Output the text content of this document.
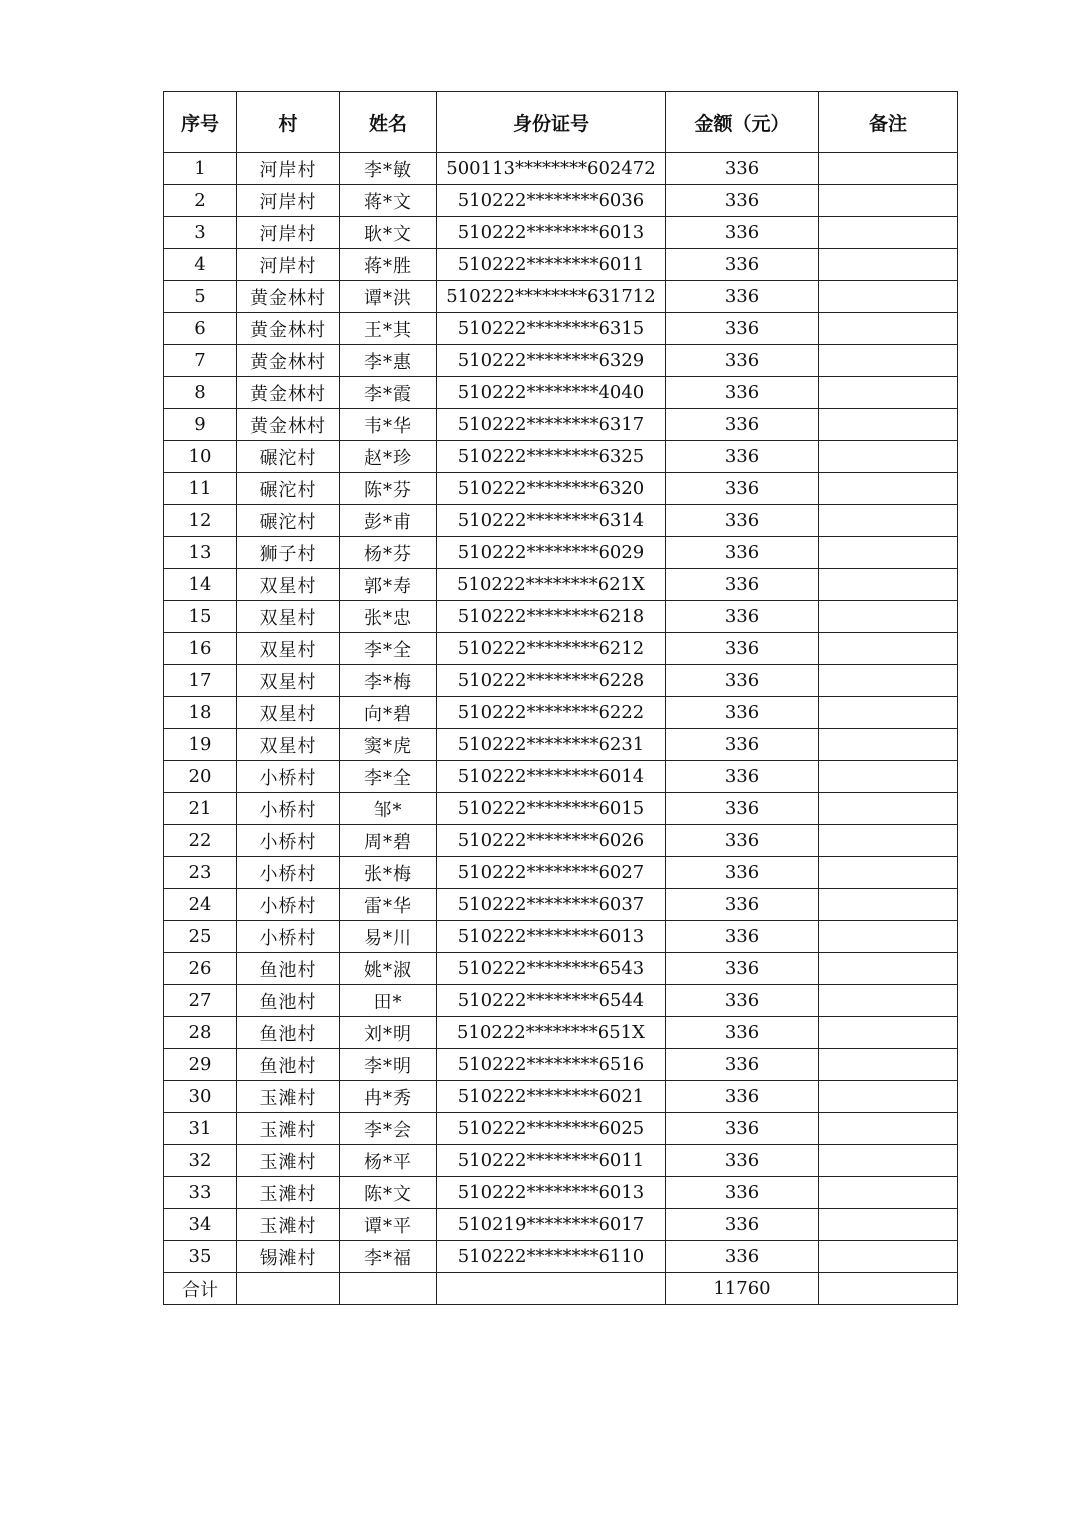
序号	村	姓名	身份证号	金额（元）	备注
1	河岸村	李*敏	500113********602472	336	
2	河岸村	蒋*文	510222********6036	336	
3	河岸村	耿*文	510222********6013	336	
4	河岸村	蒋*胜	510222********6011	336	
5	黄金林村	谭*洪	510222********631712	336	
6	黄金林村	王*其	510222********6315	336	
7	黄金林村	李*惠	510222********6329	336	
8	黄金林村	李*霞	510222********4040	336	
9	黄金林村	韦*华	510222********6317	336	
10	碾沱村	赵*珍	510222********6325	336	
11	碾沱村	陈*芬	510222********6320	336	
12	碾沱村	彭*甫	510222********6314	336	
13	狮子村	杨*芬	510222********6029	336	
14	双星村	郭*寿	510222********621X	336	
15	双星村	张*忠	510222********6218	336	
16	双星村	李*全	510222********6212	336	
17	双星村	李*梅	510222********6228	336	
18	双星村	向*碧	510222********6222	336	
19	双星村	窦*虎	510222********6231	336	
20	小桥村	李*全	510222********6014	336	
21	小桥村	邹*	510222********6015	336	
22	小桥村	周*碧	510222********6026	336	
23	小桥村	张*梅	510222********6027	336	
24	小桥村	雷*华	510222********6037	336	
25	小桥村	易*川	510222********6013	336	
26	鱼池村	姚*淑	510222********6543	336	
27	鱼池村	田*	510222********6544	336	
28	鱼池村	刘*明	510222********651X	336	
29	鱼池村	李*明	510222********6516	336	
30	玉滩村	冉*秀	510222********6021	336	
31	玉滩村	李*会	510222********6025	336	
32	玉滩村	杨*平	510222********6011	336	
33	玉滩村	陈*文	510222********6013	336	
34	玉滩村	谭*平	510219********6017	336	
35	锡滩村	李*福	510222********6110	336	
合计				11760	
